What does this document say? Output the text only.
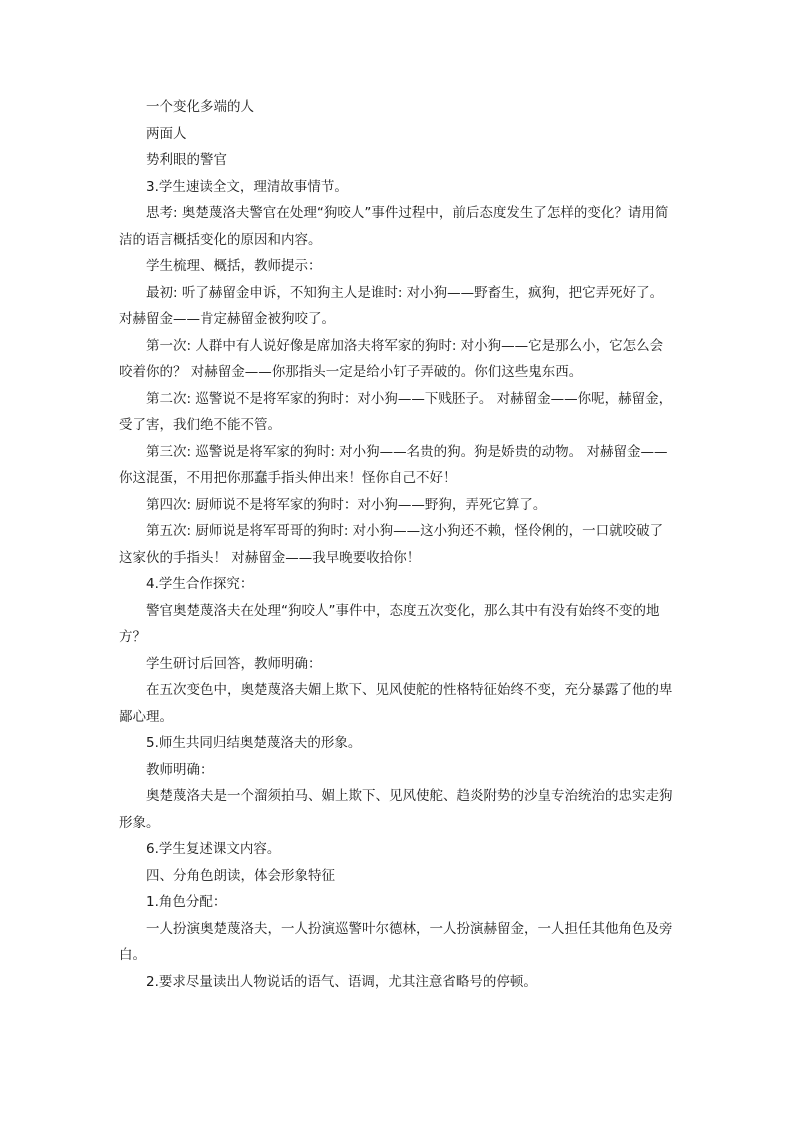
一个变化多端的人

两面人

势利眼的警官

3.学生速读全文，理清故事情节。

思考: 奥楚蔑洛夫警官在处理“狗咬人”事件过程中，前后态度发生了怎样的变化？请用简洁的语言概括变化的原因和内容。

学生梳理、概括，教师提示：

最初: 听了赫留金申诉，不知狗主人是谁时: 对小狗——野畜生，疯狗，把它弄死好了。对赫留金——肯定赫留金被狗咬了。

第一次: 人群中有人说好像是席加洛夫将军家的狗时: 对小狗——它是那么小，它怎么会咬着你的？ 对赫留金——你那指头一定是给小钉子弄破的。你们这些鬼东西。

第二次: 巡警说不是将军家的狗时：对小狗——下贱胚子。 对赫留金——你呢，赫留金，受了害，我们绝不能不管。

第三次: 巡警说是将军家的狗时: 对小狗——名贵的狗。狗是娇贵的动物。 对赫留金——你这混蛋，不用把你那蠢手指头伸出来！怪你自己不好！

第四次: 厨师说不是将军家的狗时：对小狗——野狗，弄死它算了。

第五次: 厨师说是将军哥哥的狗时: 对小狗——这小狗还不赖，怪伶俐的，一口就咬破了这家伙的手指头！ 对赫留金——我早晚要收拾你！

4.学生合作探究：

警官奥楚蔑洛夫在处理“狗咬人”事件中，态度五次变化，那么其中有没有始终不变的地方？

学生研讨后回答，教师明确：

在五次变色中，奥楚蔑洛夫媚上欺下、见风使舵的性格特征始终不变，充分暴露了他的卑鄙心理。

5.师生共同归结奥楚蔑洛夫的形象。

教师明确：

奥楚蔑洛夫是一个溜须拍马、媚上欺下、见风使舵、趋炎附势的沙皇专治统治的忠实走狗形象。

6.学生复述课文内容。

四、分角色朗读，体会形象特征

1.角色分配：

一人扮演奥楚蔑洛夫，一人扮演巡警叶尔德林，一人扮演赫留金，一人担任其他角色及旁白。

2.要求尽量读出人物说话的语气、语调，尤其注意省略号的停顿。
